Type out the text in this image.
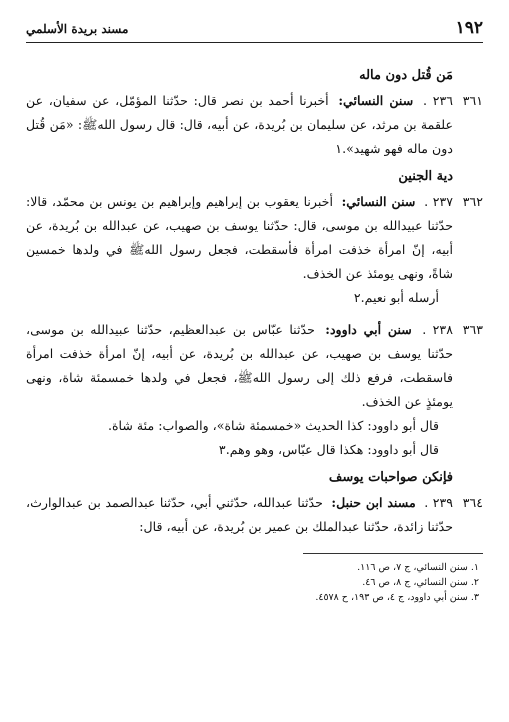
١٩٢
مسند بريدة الأسلمي
مَن قُتل دون ماله
٣٦١
٢٣٦ . سنن النسائي: أخبرنا أحمد بن نصر قال: حدّثنا المؤمّل، عن سفيان، عن علقمة بن مرثد، عن سليمان بن بُريدة، عن أبيه، قال: قال رسول اللهﷺ: «مَن قُتل دون ماله فهو شهيد».١
دية الجنين
٣٦٢
٢٣٧ . سنن النسائي: أخبرنا يعقوب بن إبراهيم وإبراهيم بن يونس بن محمّد، قالا: حدّثنا عبيدالله بن موسى، قال: حدّثنا يوسف بن صهيب، عن عبدالله بن بُريدة، عن أبيه، إنّ امرأة خذفت امرأة فأسقطت، فجعل رسول اللهﷺ في ولدها خمسين شاةً، ونهى يومئذ عن الخذف.
أرسله أبو نعيم.٢
٣٦٣
٢٣٨ . سنن أبي داوود: حدّثنا عبّاس بن عبدالعظيم، حدّثنا عبيدالله بن موسى، حدّثنا يوسف بن صهيب، عن عبدالله بن بُريدة، عن أبيه، إنّ امرأة خذفت امرأة فاسقطت، فرفع ذلك إلى رسول اللهﷺ، فجعل في ولدها خمسمئة شاة، ونهى يومئذٍ عن الخذف.
قال أبو داوود: كذا الحديث «خمسمئة شاة»، والصواب: مئة شاة.
قال أبو داوود: هكذا قال عبّاس، وهو وهم.٣
فإنكن صواحبات يوسف
٣٦٤
٢٣٩ . مسند ابن حنبل: حدّثنا عبدالله، حدّثني أبي، حدّثنا عبدالصمد بن عبدالوارث، حدّثنا زائدة، حدّثنا عبدالملك بن عمير بن بُريدة، عن أبيه، قال:
١. سنن النسائي، ج ٧، ص ١١٦.
٢. سنن النسائي، ج ٨، ص ٤٦.
٣. سنن أبي داوود، ج ٤، ص ١٩٣، ح ٤٥٧٨.
